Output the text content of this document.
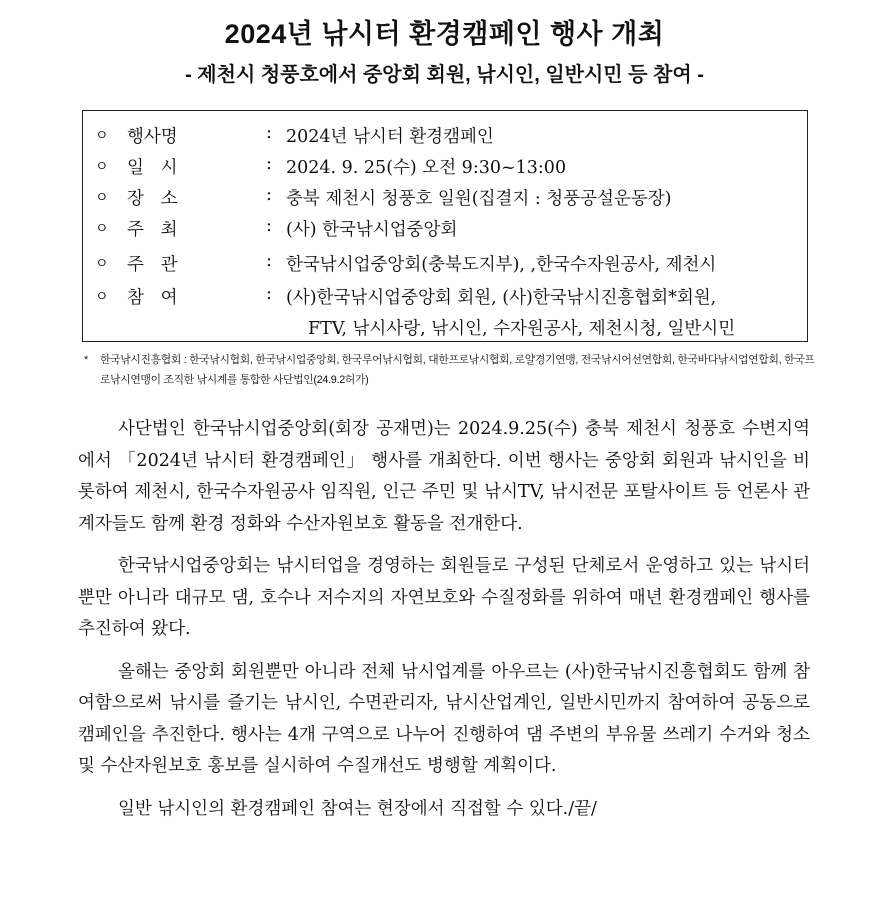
2024년 낚시터 환경캠페인 행사 개최
- 제천시 청풍호에서 중앙회 회원, 낚시인, 일반시민 등 참여 -
ㅇ 행사명	: 2024년 낚시터 환경캠페인
ㅇ 일   시	: 2024. 9. 25(수) 오전 9:30~13:00
ㅇ 장   소	: 충북 제천시 청풍호 일원(집결지 : 청풍공설운동장)
ㅇ 주   최	: (사) 한국낚시업중앙회
ㅇ 주   관	: 한국낚시업중앙회(충북도지부), ,한국수자원공사, 제천시
ㅇ 참   여	: (사)한국낚시업중앙회 회원, (사)한국낚시진흥협회*회원,
FTV, 낚시사랑, 낚시인, 수자원공사, 제천시청, 일반시민
* 한국낚시진흥협회 : 한국낚시협회, 한국낚시업중앙회, 한국루어낚시협회, 대한프로낚시협회, 로얄경기연맹, 전국낚시어선연합회, 한국바다낚시업연합회, 한국프로낚시연맹이 조직한 낚시계를 통합한 사단법인(24.9.2허가)

사단법인 한국낚시업중앙회(회장 공재면)는 2024.9.25(수) 충북 제천시 청풍호 수변지역에서 「2024년 낚시터 환경캠페인」 행사를 개최한다. 이번 행사는 중앙회 회원과 낚시인을 비롯하여 제천시, 한국수자원공사 임직원, 인근 주민 및 낚시TV, 낚시전문 포탈사이트 등 언론사 관계자들도 함께 환경 정화와 수산자원보호 활동을 전개한다.

한국낚시업중앙회는 낚시터업을 경영하는 회원들로 구성된 단체로서 운영하고 있는 낚시터뿐만 아니라 대규모 댐, 호수나 저수지의 자연보호와 수질정화를 위하여 매년 환경캠페인 행사를 추진하여 왔다.

올해는 중앙회 회원뿐만 아니라 전체 낚시업계를 아우르는 (사)한국낚시진흥협회도 함께 참여함으로써 낚시를 즐기는 낚시인, 수면관리자, 낚시산업계인, 일반시민까지 참여하여 공동으로 캠페인을 추진한다. 행사는 4개 구역으로 나누어 진행하여 댐 주변의 부유물 쓰레기 수거와 청소 및 수산자원보호 홍보를 실시하여 수질개선도 병행할 계획이다.

일반 낚시인의 환경캠페인 참여는 현장에서 직접할 수 있다./끝/
